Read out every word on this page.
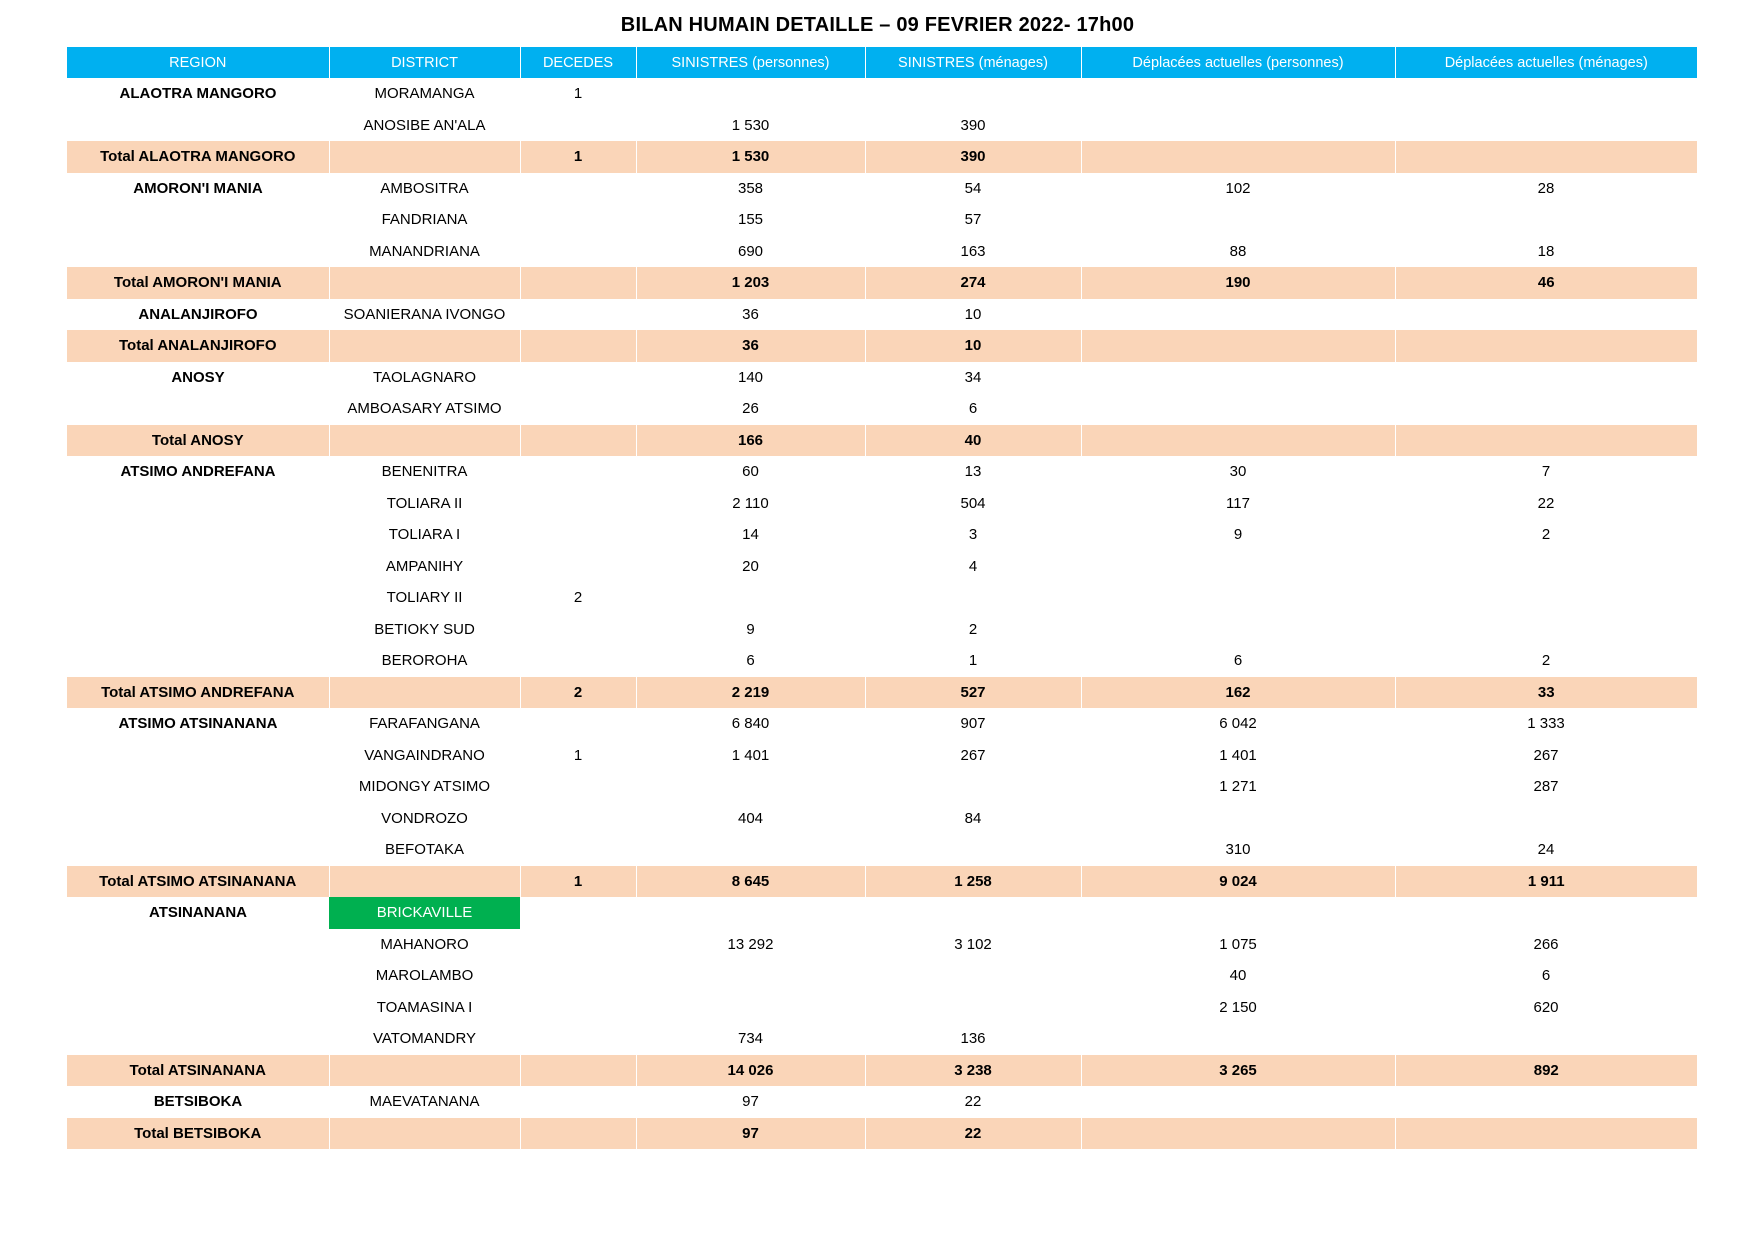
BILAN HUMAIN DETAILLE – 09 FEVRIER 2022- 17h00
REGION	DISTRICT	DECEDES	SINISTRES (personnes)	SINISTRES (ménages)	Déplacées actuelles (personnes)	Déplacées actuelles (ménages)
ALAOTRA MANGORO	MORAMANGA	1				
	ANOSIBE AN'ALA		1 530	390		
Total ALAOTRA MANGORO		1	1 530	390		
AMORON'I MANIA	AMBOSITRA		358	54	102	28
	FANDRIANA		155	57		
	MANANDRIANA		690	163	88	18
Total AMORON'I MANIA			1 203	274	190	46
ANALANJIROFO	SOANIERANA IVONGO		36	10		
Total ANALANJIROFO			36	10		
ANOSY	TAOLAGNARO		140	34		
	AMBOASARY ATSIMO		26	6		
Total ANOSY			166	40		
ATSIMO ANDREFANA	BENENITRA		60	13	30	7
	TOLIARA II		2 110	504	117	22
	TOLIARA I		14	3	9	2
	AMPANIHY		20	4		
	TOLIARY II	2				
	BETIOKY SUD		9	2		
	BEROROHA		6	1	6	2
Total ATSIMO ANDREFANA		2	2 219	527	162	33
ATSIMO ATSINANANA	FARAFANGANA		6 840	907	6 042	1 333
	VANGAINDRANO	1	1 401	267	1 401	267
	MIDONGY ATSIMO				1 271	287
	VONDROZO		404	84		
	BEFOTAKA				310	24
Total ATSIMO ATSINANANA		1	8 645	1 258	9 024	1 911
ATSINANANA	BRICKAVILLE					
	MAHANORO		13 292	3 102	1 075	266
	MAROLAMBO				40	6
	TOAMASINA I				2 150	620
	VATOMANDRY		734	136		
Total ATSINANANA			14 026	3 238	3 265	892
BETSIBOKA	MAEVATANANA		97	22		
Total BETSIBOKA			97	22		
